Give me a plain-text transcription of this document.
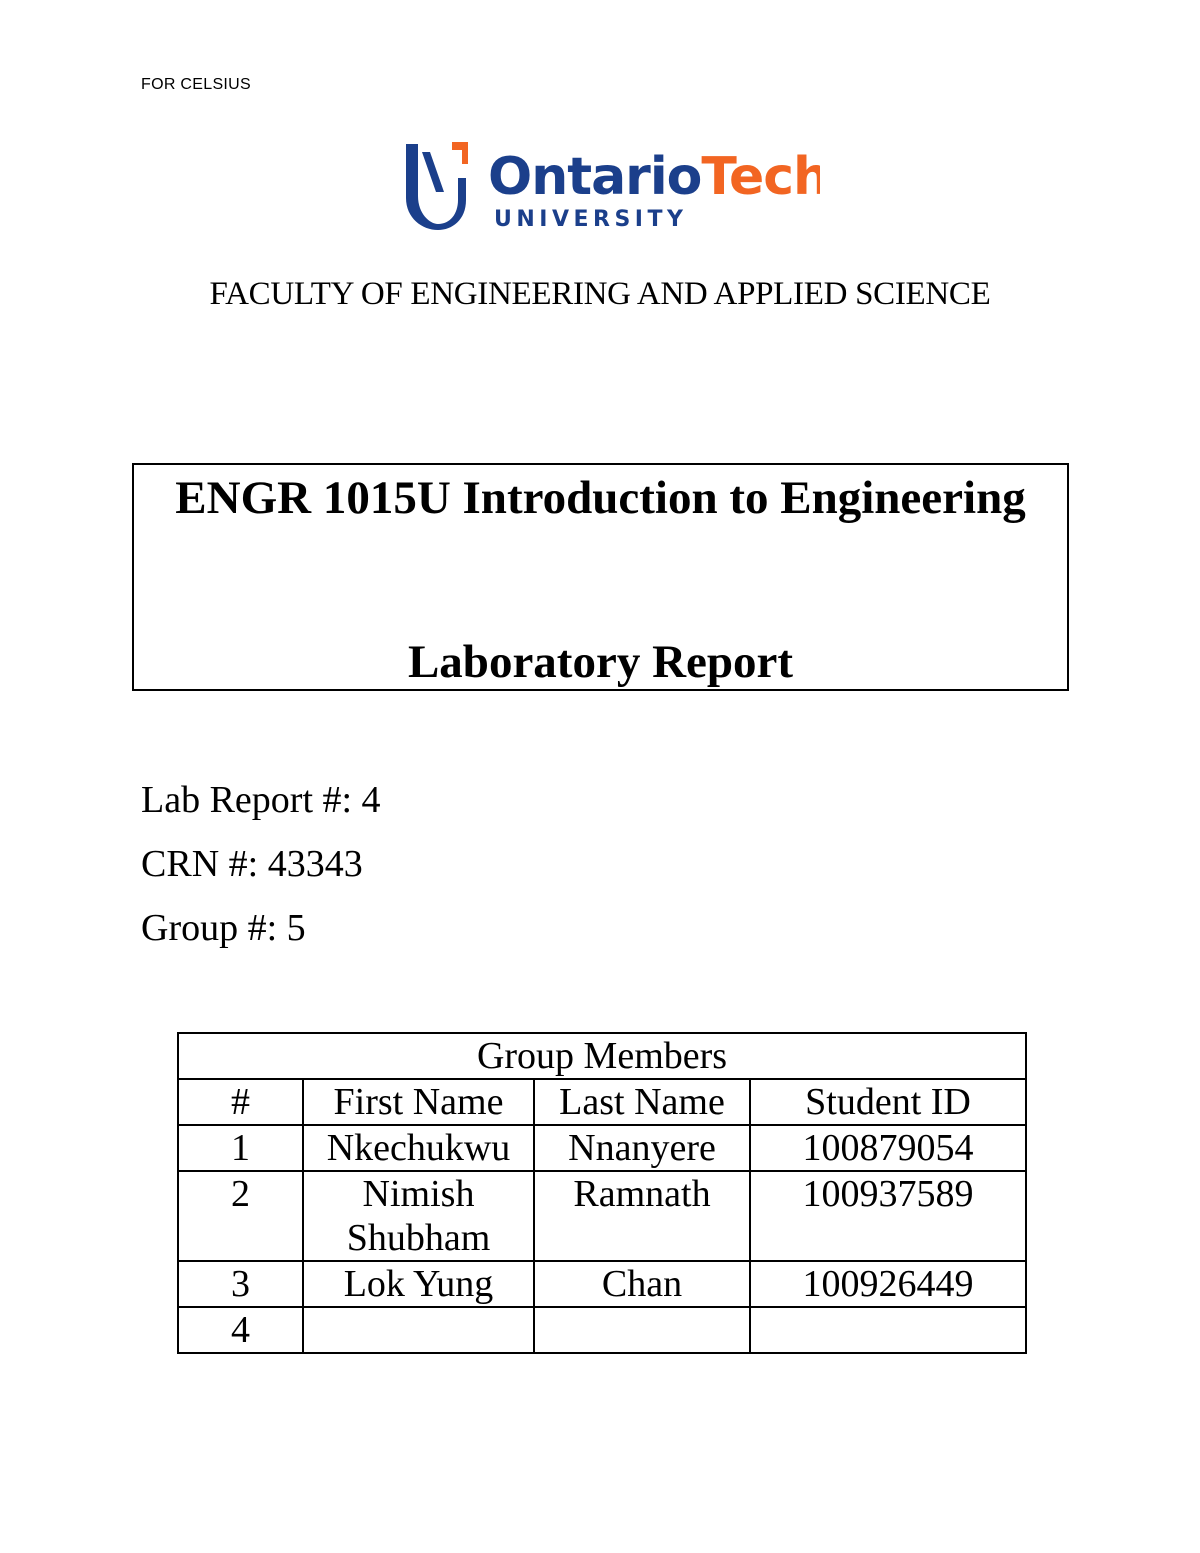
FOR CELSIUS
OntarioTech
UNIVERSITY
FACULTY OF ENGINEERING AND APPLIED SCIENCE
ENGR 1015U Introduction to Engineering
Laboratory Report
Lab Report #: 4
CRN #: 43343
Group #: 5
Group Members			
#	First Name	Last Name	Student ID
1	Nkechukwu	Nnanyere	100879054
2	Nimish Shubham	Ramnath	100937589
3	Lok Yung	Chan	100926449
4			
